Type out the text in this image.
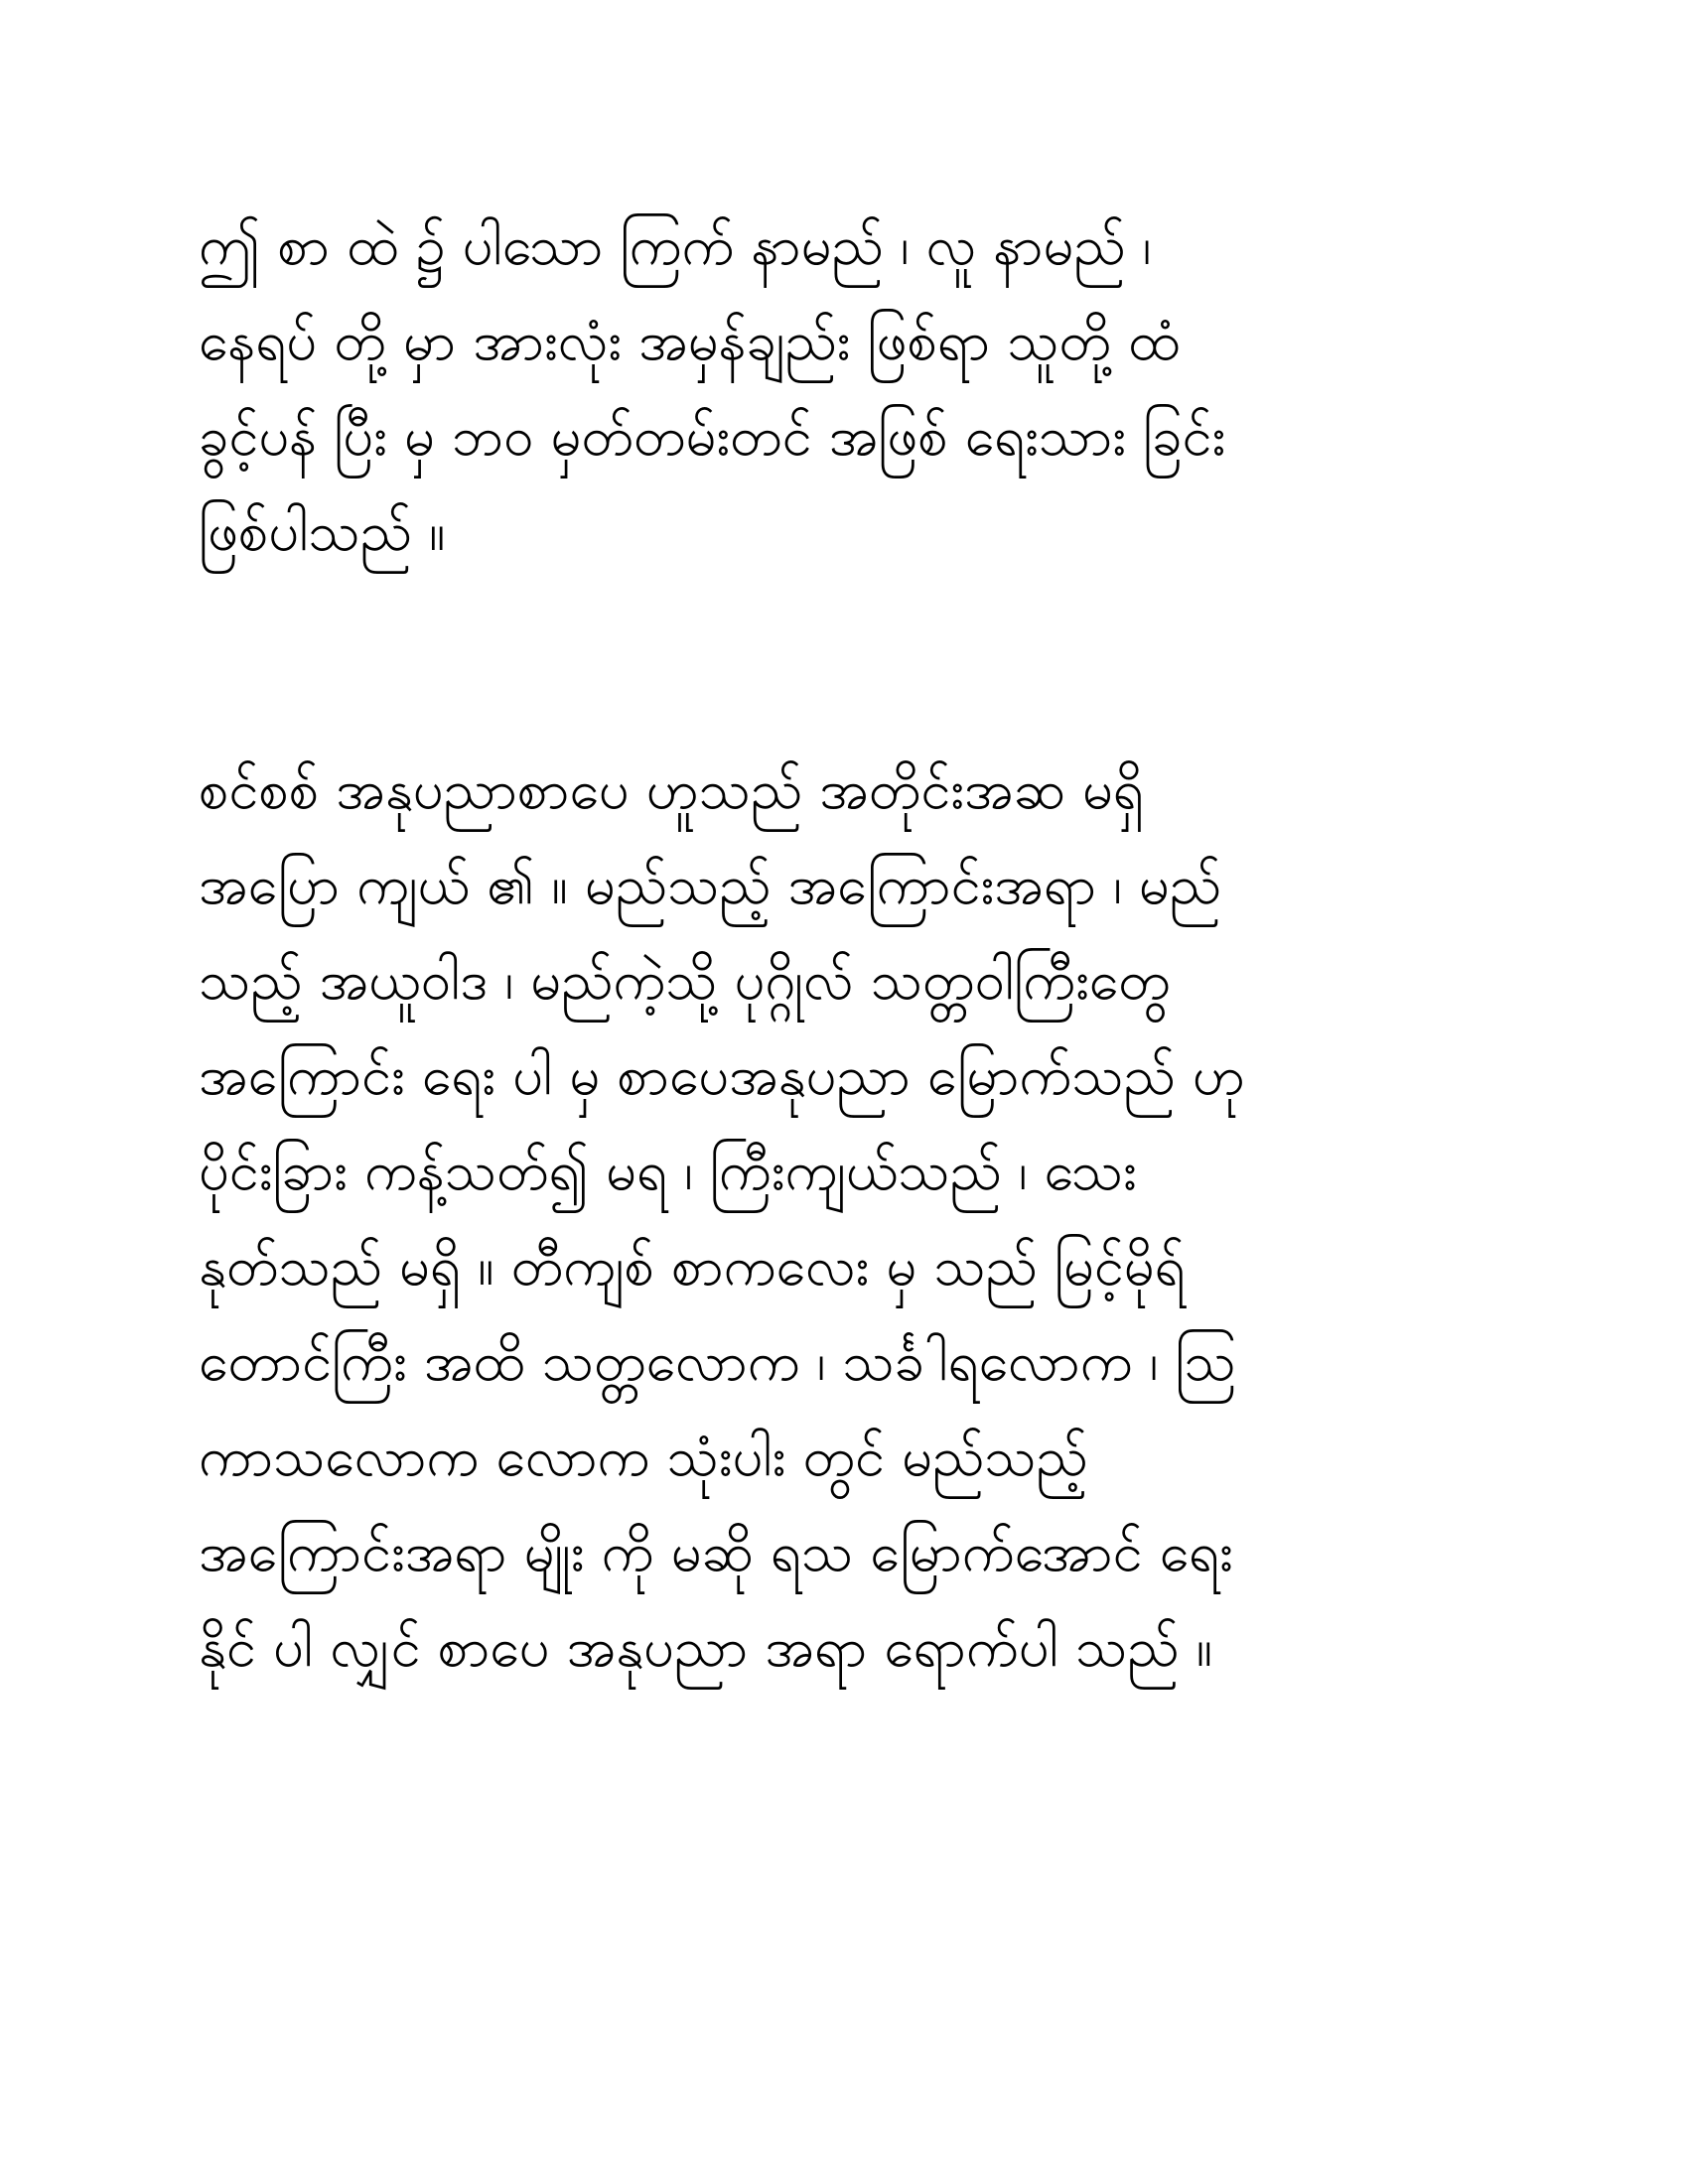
ဤ စာ ထဲ ၌ ပါသော ကြက် နာမည် ၊ လူ နာမည် ၊
နေရပ် တို့ မှာ အားလုံး အမှန်ချည်း ဖြစ်ရာ သူတို့ ထံ
ခွင့်ပန် ပြီး မှ ဘဝ မှတ်တမ်းတင် အဖြစ် ရေးသား ခြင်း
ဖြစ်ပါသည် ။
စင်စစ် အနုပညာစာပေ ဟူသည် အတိုင်းအဆ မရှိ
အပြော ကျယ် ၏ ။ မည်သည့် အကြောင်းအရာ ၊ မည်
သည့် အယူဝါဒ ၊ မည်ကဲ့သို့ ပုဂ္ဂိုလ် သတ္တဝါကြီးတွေ
အကြောင်း ရေး ပါ မှ စာပေအနုပညာ မြောက်သည် ဟု
ပိုင်းခြား ကန့်သတ်၍ မရ ၊ ကြီးကျယ်သည် ၊ သေး
နုတ်သည် မရှိ ။ တီကျစ် စာကလေး မှ သည် မြင့်မိုရ်
တောင်ကြီး အထိ သတ္တလောက ၊ သင်္ခါရလောက ၊ ဩ
ကာသလောက လောက သုံးပါး တွင် မည်သည့်
အကြောင်းအရာ မျိုး ကို မဆို ရသ မြောက်အောင် ရေး
နိုင် ပါ လျှင် စာပေ အနုပညာ အရာ ရောက်ပါ သည် ။
